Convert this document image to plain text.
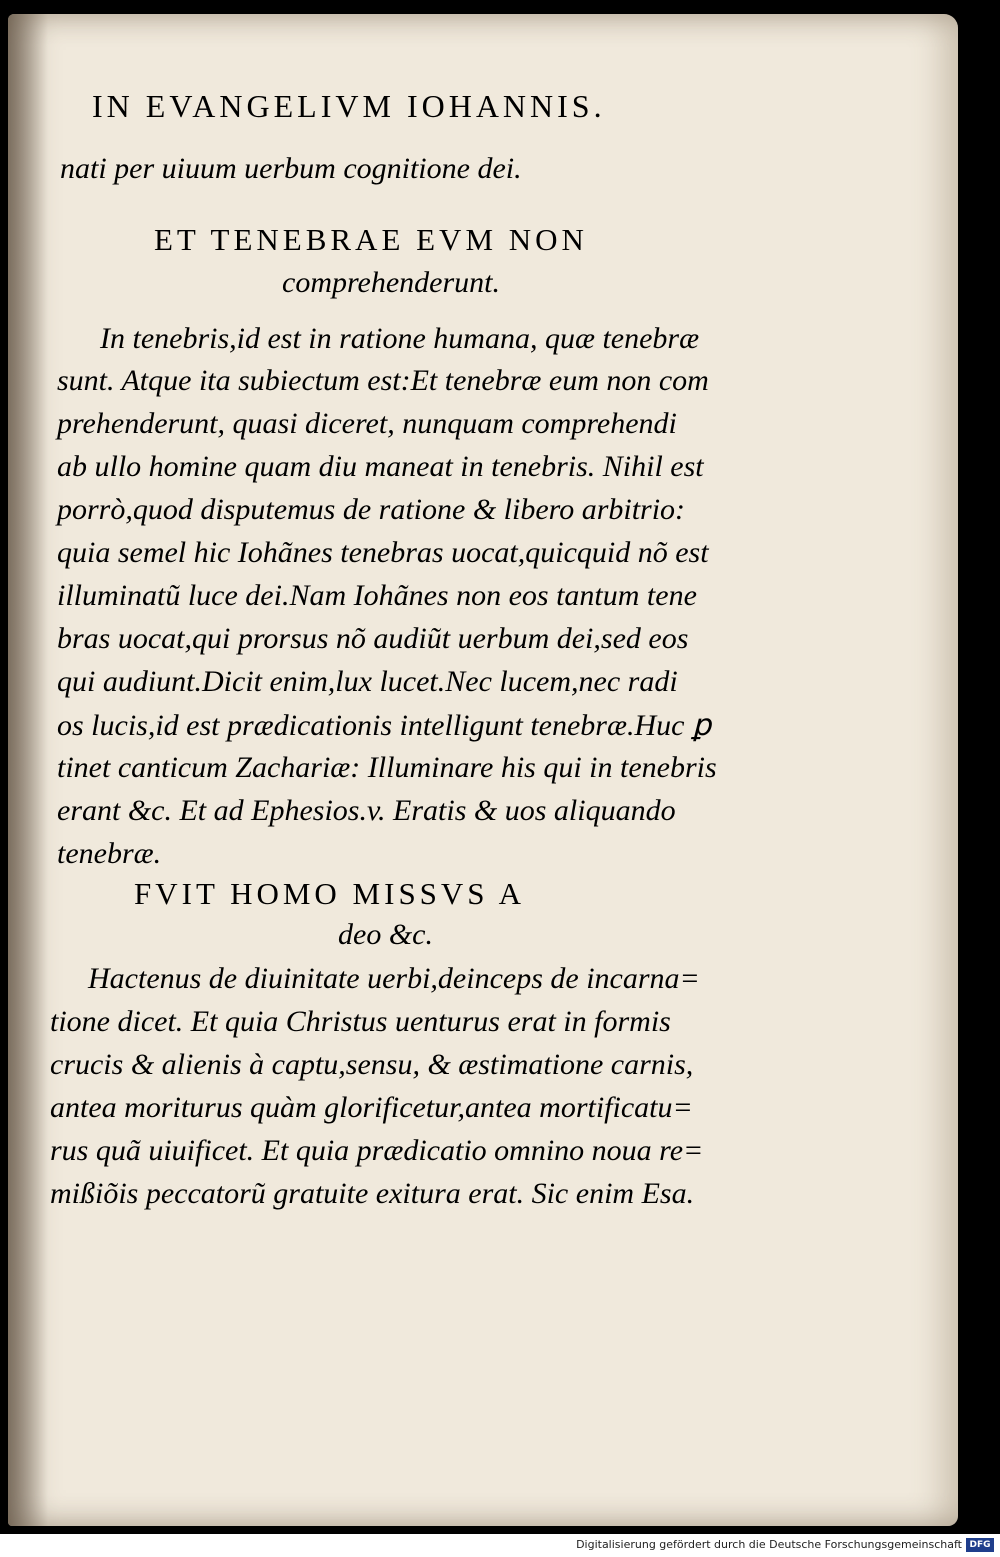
IN EVANGELIVM IOHANNIS.
nati per uiuum uerbum cognitione dei.
ET TENEBRAE EVM NON
comprehenderunt.
In tenebris,id est in ratione humana, quæ tenebræ
sunt. Atque ita subiectum est:Et tenebræ eum non com
prehenderunt, quasi diceret, nunquam comprehendi
ab ullo homine quam diu maneat in tenebris. Nihil est
porrò,quod disputemus de ratione & libero arbitrio:
quia semel hic Iohãnes tenebras uocat,quicquid nõ est
illuminatũ luce dei.Nam Iohãnes non eos tantum tene
bras uocat,qui prorsus nõ audiũt uerbum dei,sed eos
qui audiunt.Dicit enim,lux lucet.Nec lucem,nec radi
os lucis,id est prædicationis intelligunt tenebræ.Huc ꝑ
tinet canticum Zachariæ: Illuminare his qui in tenebris
erant &c. Et ad Ephesios.v. Eratis & uos aliquando
tenebræ.
FVIT HOMO MISSVS A
deo &c.
Hactenus de diuinitate uerbi,deinceps de incarna=
tione dicet. Et quia Christus uenturus erat in formis
crucis & alienis à captu,sensu, & æstimatione carnis,
antea moriturus quàm glorificetur,antea mortificatu=
rus quã uiuificet. Et quia prædicatio omnino noua re=
mißiõis peccatorũ gratuite exitura erat. Sic enim Esa.
Digitalisierung gefördert durch die Deutsche Forschungsgemeinschaft DFG
